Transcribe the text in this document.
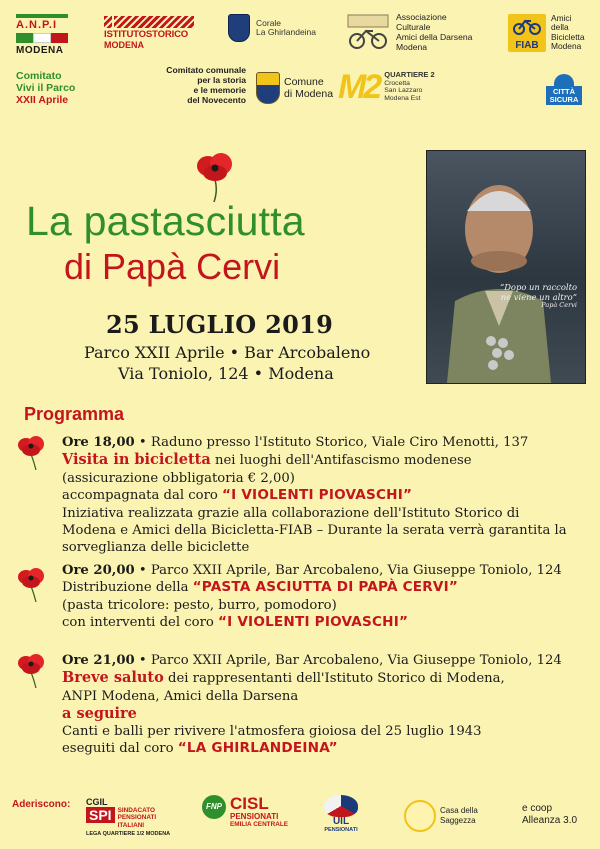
A.N.P.I
MODENA
ISTITUTOSTORICO
MODENA
Corale
La Ghirlandeina
Associazione
Culturale
Amici della Darsena
Modena	FIAB
Amici
della
Bicicletta
Modena
Comitato
Vivi il Parco
XXII Aprile
Comitato comunale
per la storia
e le memorie
del Novecento
Comune
di Modena M2 QUARTIERE 2
Crocetta
San Lazzaro
Modena Est
CITTÀ SICURA
La pastasciutta
di Papà Cervi
25 LUGLIO 2019
Parco XXII Aprile • Bar Arcobaleno
Via Toniolo, 124 • Modena
“Dopo un raccolto
ne viene un altro”
Papà Cervi
Programma
Ore 18,00 • Raduno presso l'Istituto Storico, Viale Ciro Menotti, 137
Visita in bicicletta nei luoghi dell'Antifascismo modenese
(assicurazione obbligatoria € 2,00)
accompagnata dal coro “I VIOLENTI PIOVASCHI”
Iniziativa realizzata grazie alla collaborazione dell'Istituto Storico di
Modena e Amici della Bicicletta-FIAB – Durante la serata verrà garantita la
sorveglianza delle biciclette
Ore 20,00 • Parco XXII Aprile, Bar Arcobaleno, Via Giuseppe Toniolo, 124
Distribuzione della “PASTA ASCIUTTA DI PAPÀ CERVI”
(pasta tricolore: pesto, burro, pomodoro)
con interventi del coro “I VIOLENTI PIOVASCHI”
Ore 21,00 • Parco XXII Aprile, Bar Arcobaleno, Via Giuseppe Toniolo, 124
Breve saluto dei rappresentanti dell'Istituto Storico di Modena,
ANPI Modena, Amici della Darsena
a seguire
Canti e balli per rivivere l'atmosfera gioiosa del 25 luglio 1943
eseguiti dal coro “LA GHIRLANDEINA”
Aderiscono: CGIL
SPI SINDACATO
PENSIONATI
ITALIANI
LEGA QUARTIERE 1/2 MODENA
FNP CISL
PENSIONATI
EMILIA CENTRALE	UIL
PENSIONATI
Casa della
Saggezza
e coop
Alleanza 3.0
